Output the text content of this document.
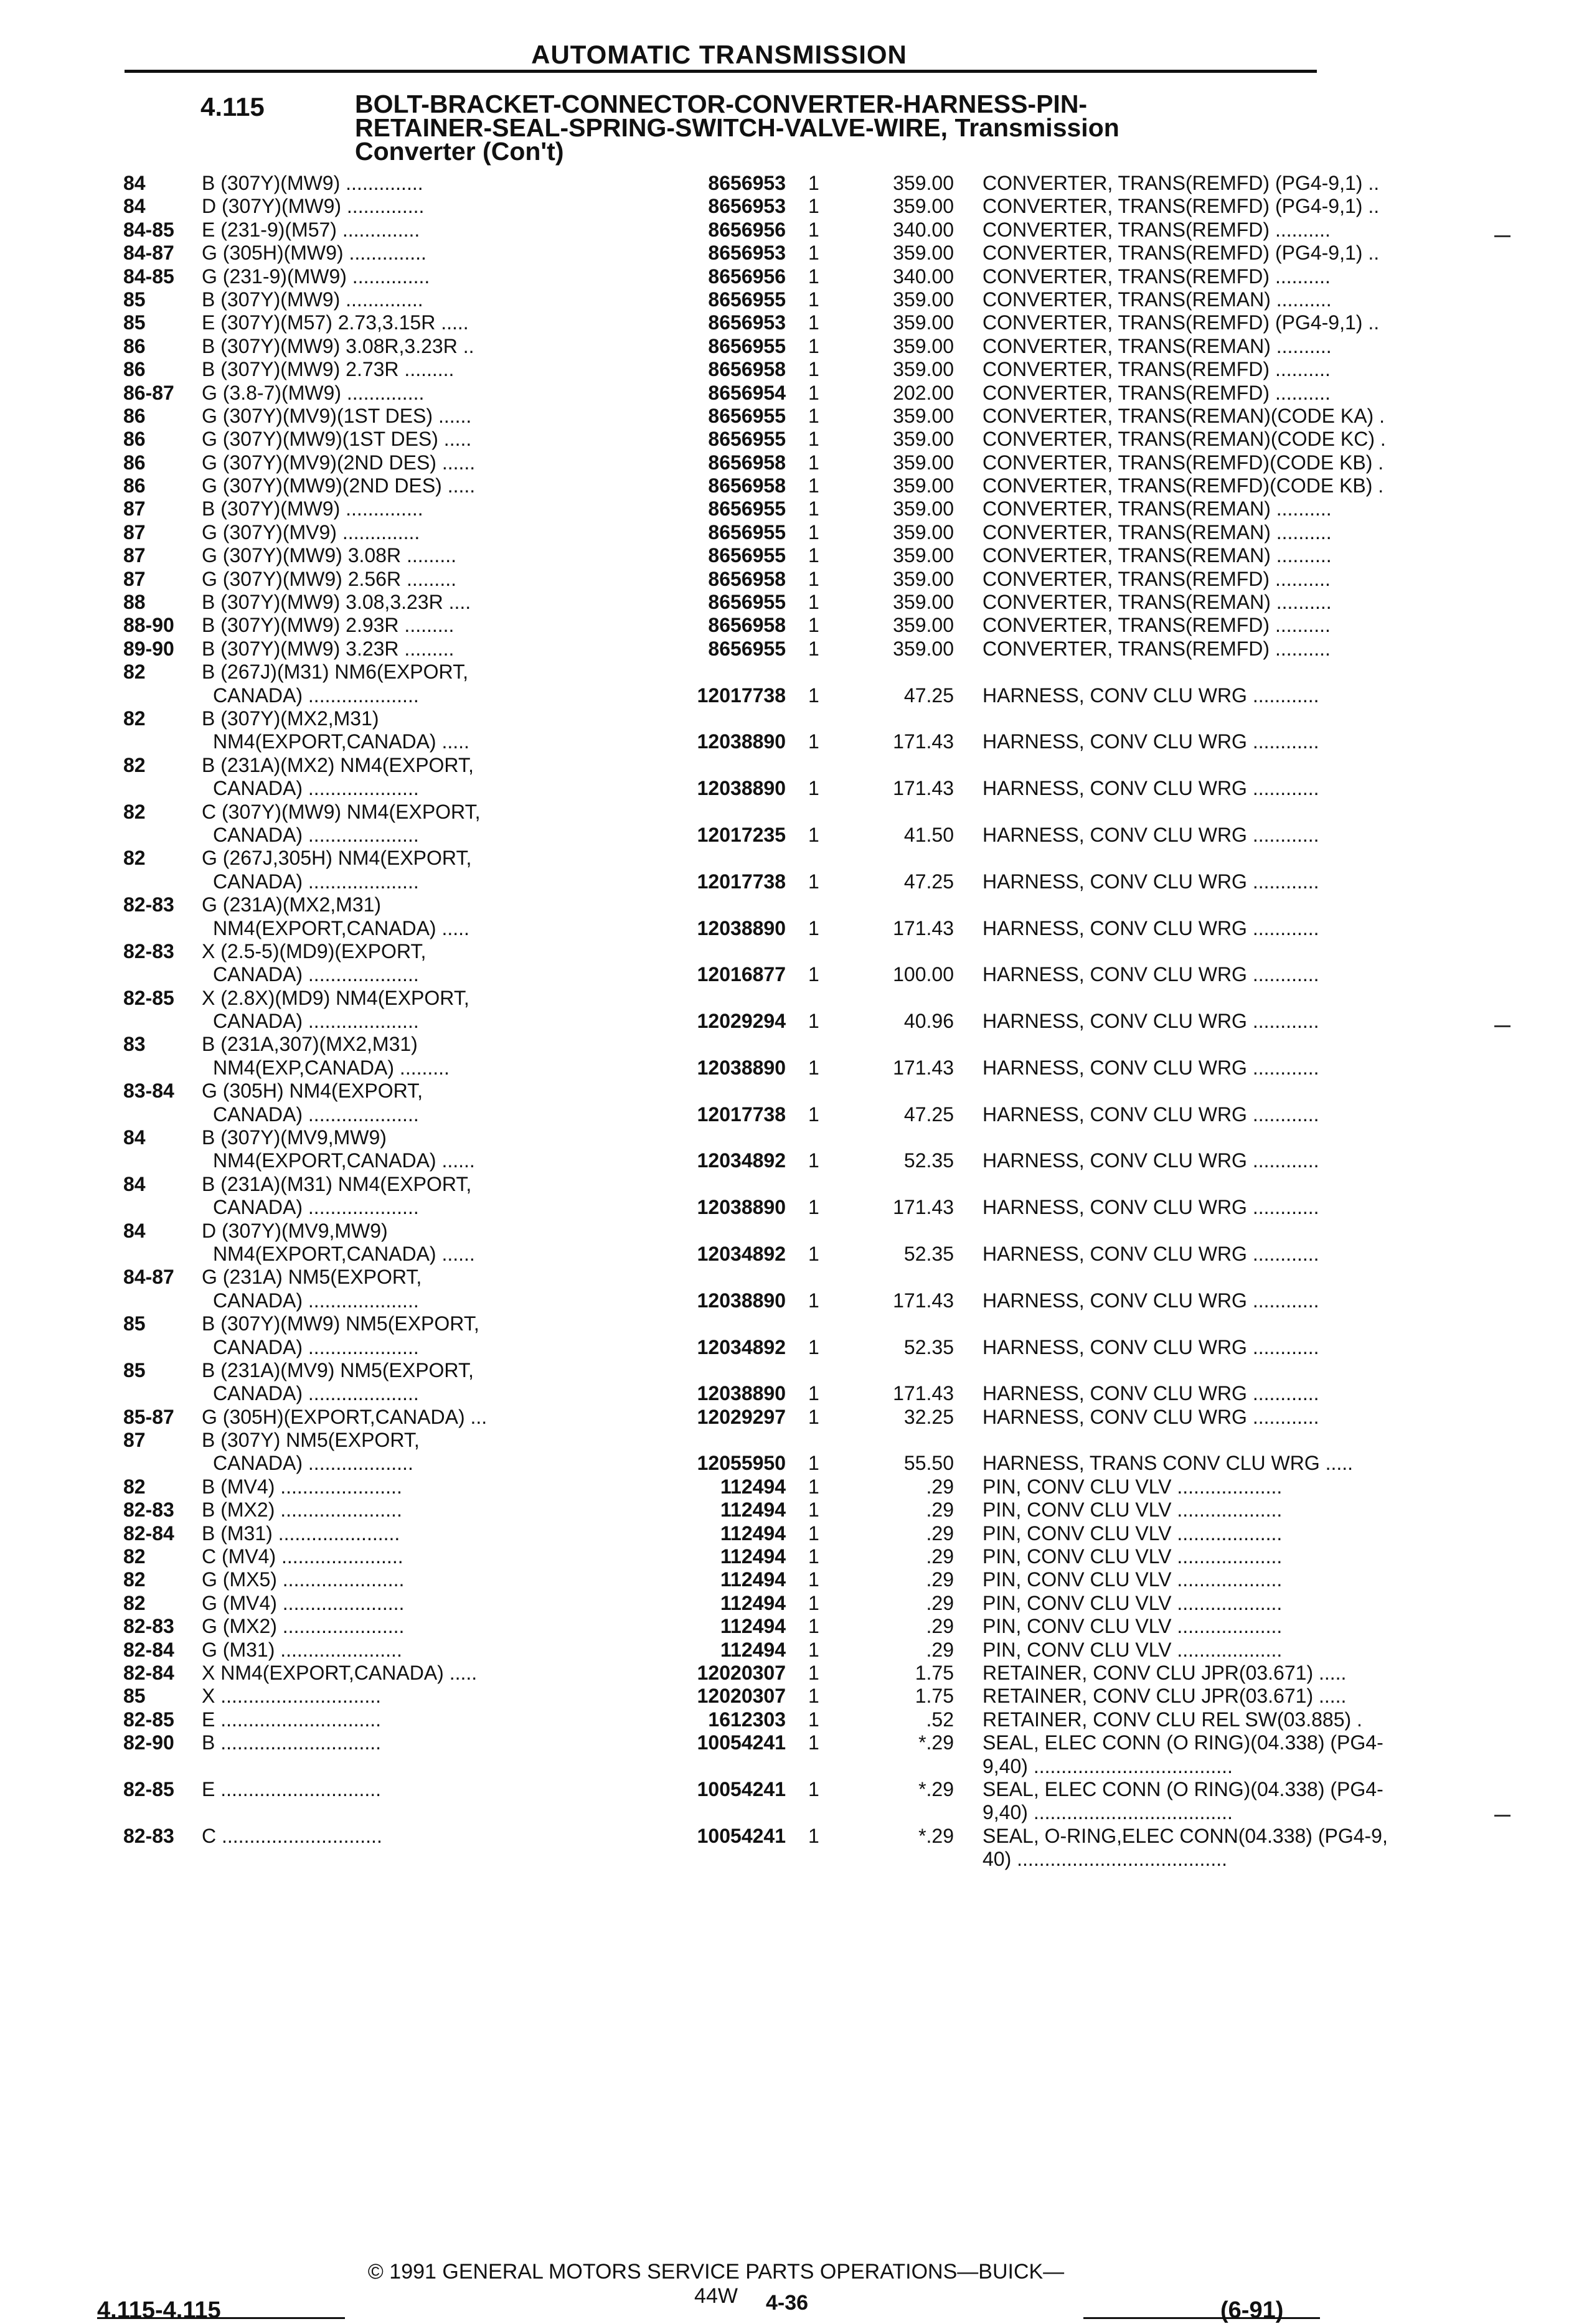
AUTOMATIC TRANSMISSION
4.115	BOLT-BRACKET-CONNECTOR-CONVERTER-HARNESS-PIN-
RETAINER-SEAL-SPRING-SWITCH-VALVE-WIRE, Transmission
Converter (Con't)
84	B (307Y)(MW9) ..............	8656953 1	359.00 CONVERTER, TRANS(REMFD) (PG4-9,1) ..
84	D (307Y)(MW9) ..............	8656953 1	359.00 CONVERTER, TRANS(REMFD) (PG4-9,1) ..
84-85 E (231-9)(M57) ..............	8656956 1	340.00 CONVERTER, TRANS(REMFD) ..........
84-87 G (305H)(MW9) ..............	8656953 1	359.00 CONVERTER, TRANS(REMFD) (PG4-9,1) ..
84-85 G (231-9)(MW9) ..............	8656956 1	340.00 CONVERTER, TRANS(REMFD) ..........
85	B (307Y)(MW9) ..............	8656955 1	359.00 CONVERTER, TRANS(REMAN) ..........
85	E (307Y)(M57) 2.73,3.15R .....	8656953 1	359.00 CONVERTER, TRANS(REMFD) (PG4-9,1) ..
86	B (307Y)(MW9) 3.08R,3.23R ..	8656955 1	359.00 CONVERTER, TRANS(REMAN) ..........
86	B (307Y)(MW9) 2.73R .........	8656958 1	359.00 CONVERTER, TRANS(REMFD) ..........
86-87 G (3.8-7)(MW9) ..............	8656954 1	202.00 CONVERTER, TRANS(REMFD) ..........
86	G (307Y)(MV9)(1ST DES) ......	8656955 1	359.00 CONVERTER, TRANS(REMAN)(CODE KA) .
86	G (307Y)(MW9)(1ST DES) .....	8656955 1	359.00 CONVERTER, TRANS(REMAN)(CODE KC) .
86	G (307Y)(MV9)(2ND DES) ......	8656958 1	359.00 CONVERTER, TRANS(REMFD)(CODE KB) .
86	G (307Y)(MW9)(2ND DES) .....	8656958 1	359.00 CONVERTER, TRANS(REMFD)(CODE KB) .
87	B (307Y)(MW9) ..............	8656955 1	359.00 CONVERTER, TRANS(REMAN) ..........
87	G (307Y)(MV9) ..............	8656955 1	359.00 CONVERTER, TRANS(REMAN) ..........
87	G (307Y)(MW9) 3.08R .........	8656955 1	359.00 CONVERTER, TRANS(REMAN) ..........
87	G (307Y)(MW9) 2.56R .........	8656958 1	359.00 CONVERTER, TRANS(REMFD) ..........
88	B (307Y)(MW9) 3.08,3.23R ....	8656955 1	359.00 CONVERTER, TRANS(REMAN) ..........
88-90 B (307Y)(MW9) 2.93R .........	8656958 1	359.00 CONVERTER, TRANS(REMFD) ..........
89-90 B (307Y)(MW9) 3.23R .........	8656955 1	359.00 CONVERTER, TRANS(REMFD) ..........
82	B (267J)(M31) NM6(EXPORT,
CANADA) ....................	12017738 1	47.25 HARNESS, CONV CLU WRG ............
82	B (307Y)(MX2,M31)
NM4(EXPORT,CANADA) .....	12038890 1	171.43 HARNESS, CONV CLU WRG ............
82	B (231A)(MX2) NM4(EXPORT,
CANADA) ....................	12038890 1	171.43 HARNESS, CONV CLU WRG ............
82	C (307Y)(MW9) NM4(EXPORT,
CANADA) ....................	12017235 1	41.50 HARNESS, CONV CLU WRG ............
82	G (267J,305H) NM4(EXPORT,
CANADA) ....................	12017738 1	47.25 HARNESS, CONV CLU WRG ............
82-83 G (231A)(MX2,M31)
NM4(EXPORT,CANADA) .....	12038890 1	171.43 HARNESS, CONV CLU WRG ............
82-83 X (2.5-5)(MD9)(EXPORT,
CANADA) ....................	12016877 1	100.00 HARNESS, CONV CLU WRG ............
82-85 X (2.8X)(MD9) NM4(EXPORT,
CANADA) ....................	12029294 1	40.96 HARNESS, CONV CLU WRG ............
83	B (231A,307)(MX2,M31)
NM4(EXP,CANADA) .........	12038890 1	171.43 HARNESS, CONV CLU WRG ............
83-84 G (305H) NM4(EXPORT,
CANADA) ....................	12017738 1	47.25 HARNESS, CONV CLU WRG ............
84	B (307Y)(MV9,MW9)
NM4(EXPORT,CANADA) ......	12034892 1	52.35 HARNESS, CONV CLU WRG ............
84	B (231A)(M31) NM4(EXPORT,
CANADA) ....................	12038890 1	171.43 HARNESS, CONV CLU WRG ............
84	D (307Y)(MV9,MW9)
NM4(EXPORT,CANADA) ......	12034892 1	52.35 HARNESS, CONV CLU WRG ............
84-87 G (231A) NM5(EXPORT,
CANADA) ....................	12038890 1	171.43 HARNESS, CONV CLU WRG ............
85	B (307Y)(MW9) NM5(EXPORT,
CANADA) ....................	12034892 1	52.35 HARNESS, CONV CLU WRG ............
85	B (231A)(MV9) NM5(EXPORT,
CANADA) ....................	12038890 1	171.43 HARNESS, CONV CLU WRG ............
85-87 G (305H)(EXPORT,CANADA) ...	12029297 1	32.25 HARNESS, CONV CLU WRG ............
87	B (307Y) NM5(EXPORT,
CANADA) ...................	12055950 1	55.50 HARNESS, TRANS CONV CLU WRG .....
82	B (MV4) ......................	112494 1	.29 PIN, CONV CLU VLV ...................
82-83 B (MX2) ......................	112494 1	.29 PIN, CONV CLU VLV ...................
82-84 B (M31) ......................	112494 1	.29 PIN, CONV CLU VLV ...................
82	C (MV4) ......................	112494 1	.29 PIN, CONV CLU VLV ...................
82	G (MX5) ......................	112494 1	.29 PIN, CONV CLU VLV ...................
82	G (MV4) ......................	112494 1	.29 PIN, CONV CLU VLV ...................
82-83 G (MX2) ......................	112494 1	.29 PIN, CONV CLU VLV ...................
82-84 G (M31) ......................	112494 1	.29 PIN, CONV CLU VLV ...................
82-84 X NM4(EXPORT,CANADA) .....	12020307 1	1.75 RETAINER, CONV CLU JPR(03.671) .....
85	X .............................	12020307 1	1.75 RETAINER, CONV CLU JPR(03.671) .....
82-85 E .............................	1612303 1	.52 RETAINER, CONV CLU REL SW(03.885) .
82-90 B .............................	10054241 1	*.29 SEAL, ELEC CONN (O RING)(04.338) (PG4-
9,40) ....................................
82-85 E .............................	10054241 1	*.29 SEAL, ELEC CONN (O RING)(04.338) (PG4-
9,40) ....................................
82-83 C .............................	10054241 1	*.29 SEAL, O-RING,ELEC CONN(04.338) (PG4-9,
40) ......................................
4.115-4.115
© 1991 GENERAL MOTORS SERVICE PARTS OPERATIONS—BUICK—44W	4-36	(6-91)
